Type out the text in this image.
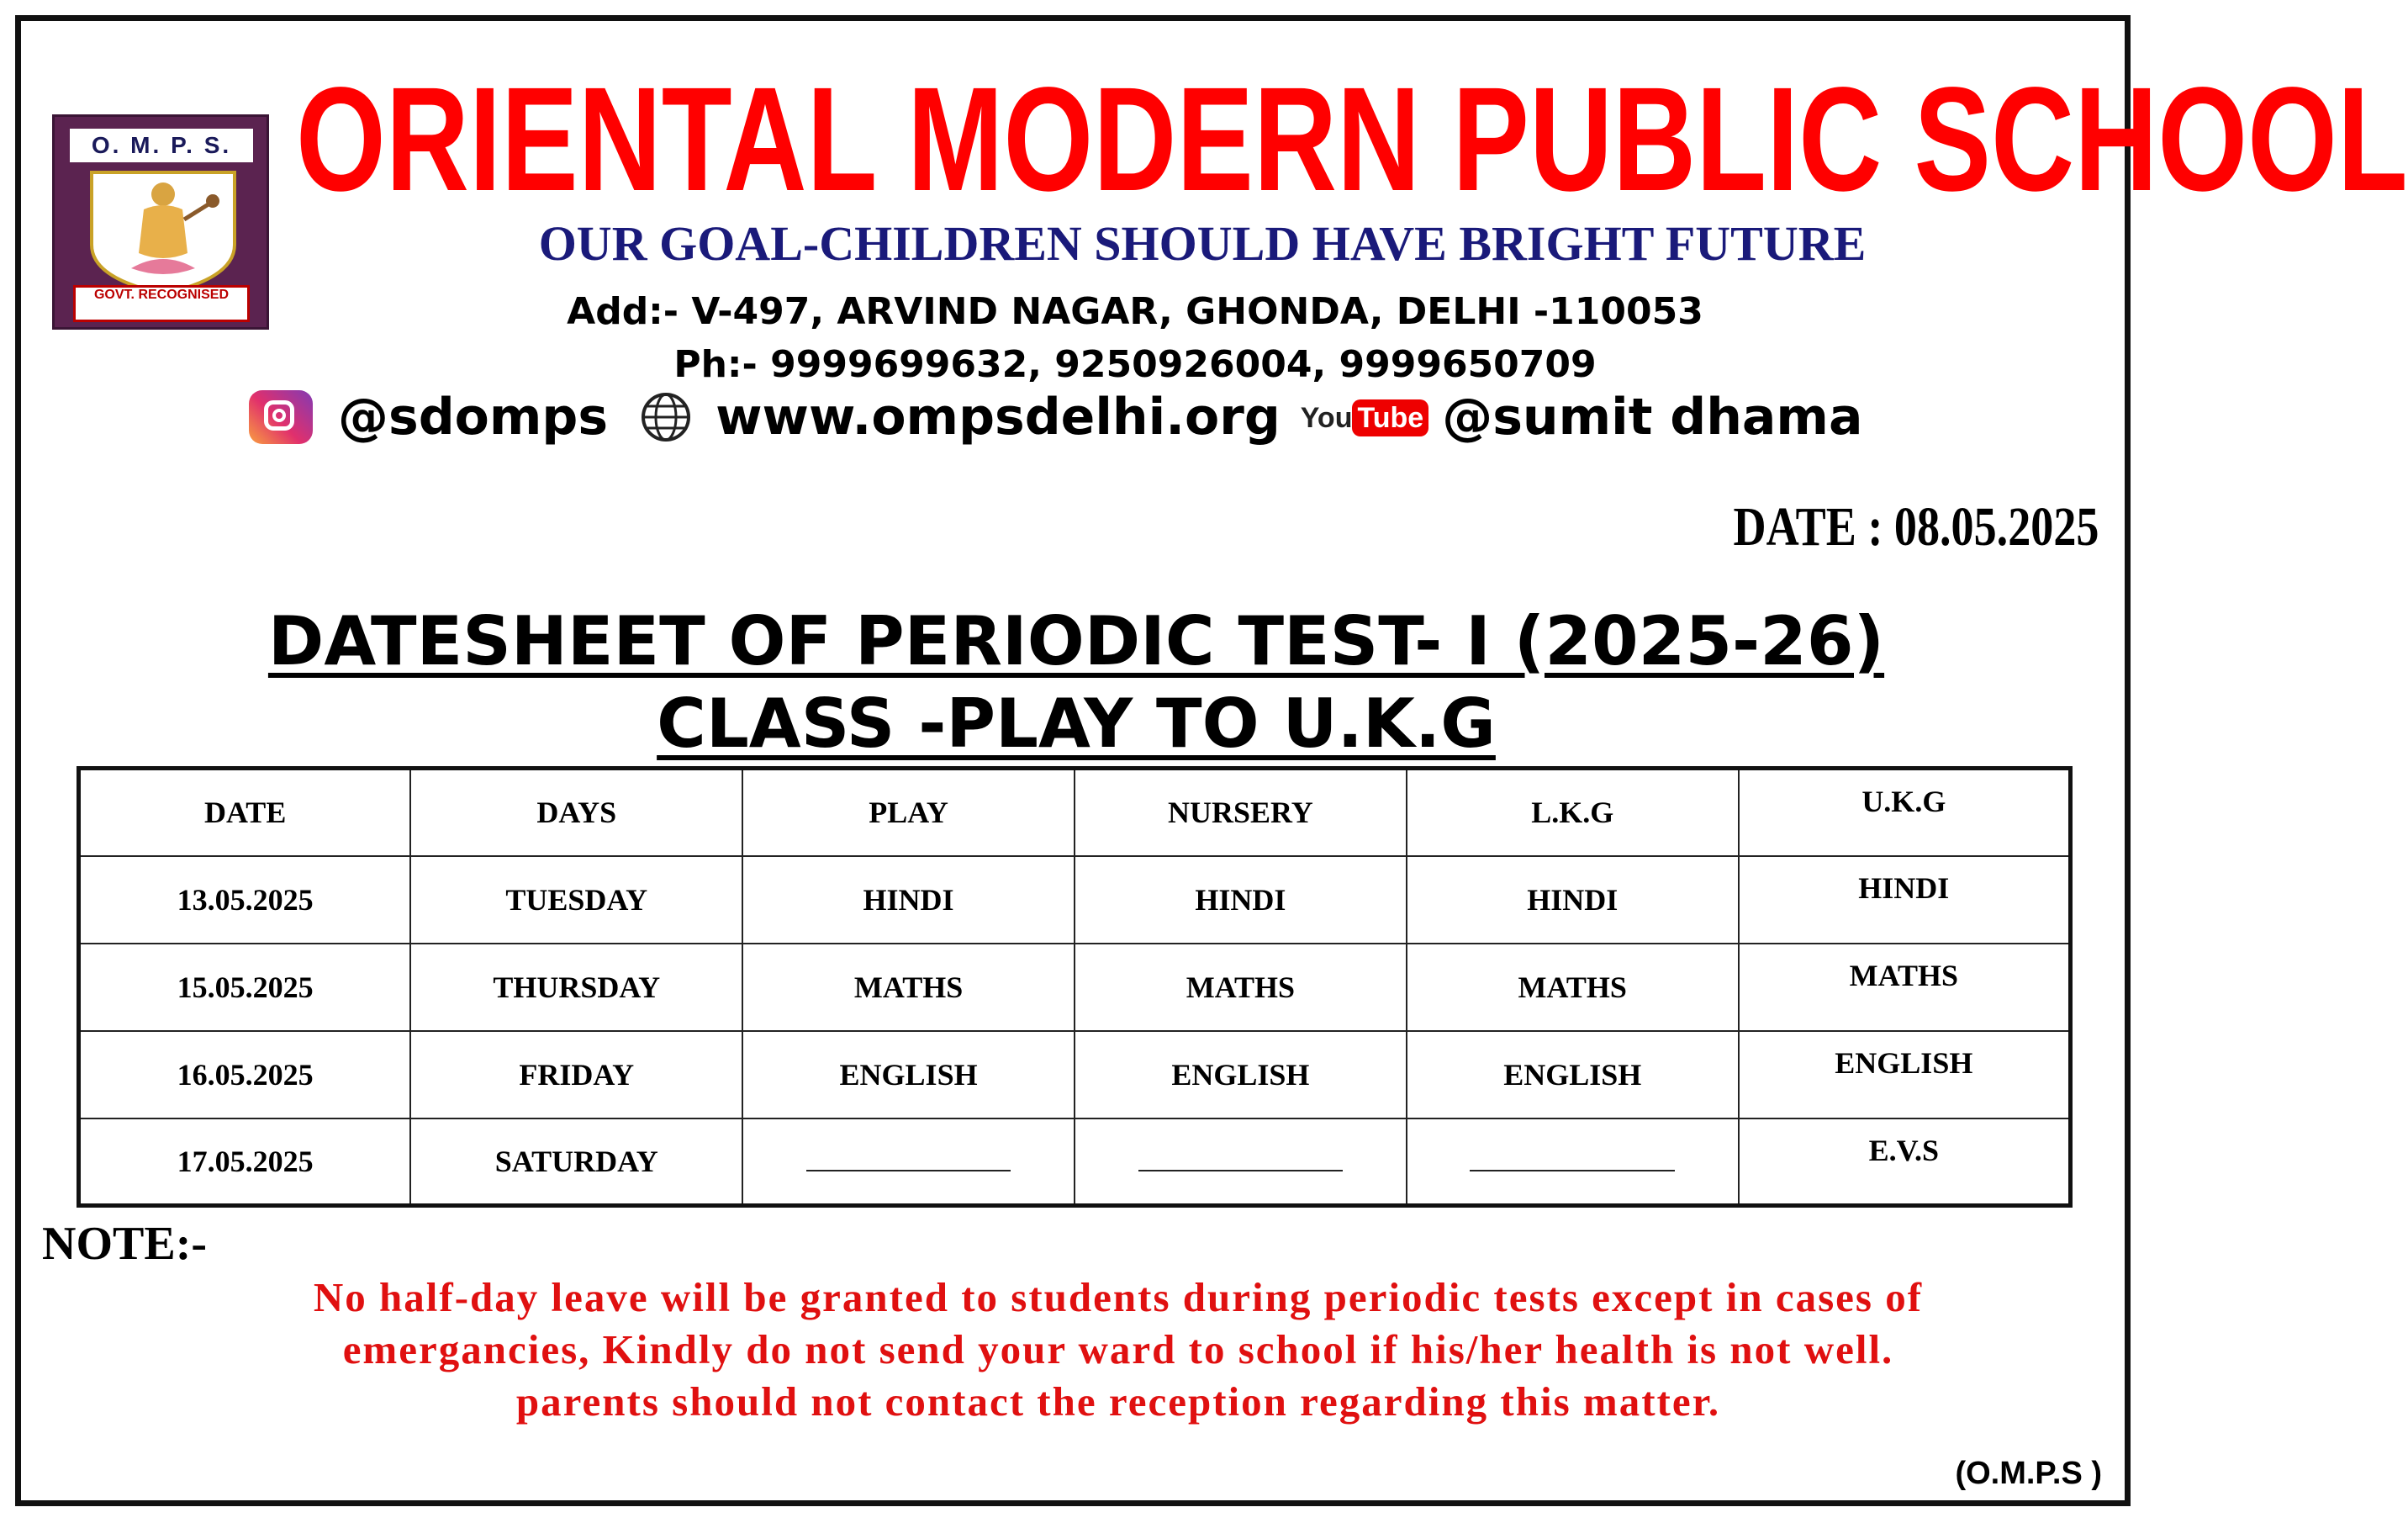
O. M. P. S.
GOVT. RECOGNISED
ORIENTAL MODERN PUBLIC SCHOOL
OUR GOAL-CHILDREN SHOULD HAVE BRIGHT FUTURE
Add:- V-497, ARVIND NAGAR, GHONDA, DELHI -110053
Ph:- 9999699632, 9250926004, 9999650709
@sdomps www.ompsdelhi.org You Tube @sumit dhama
DATE : 08.05.2025
DATESHEET OF PERIODIC TEST- I (2025-26)
CLASS -PLAY TO U.K.G
DATE	DAYS	PLAY	NURSERY	L.K.G	U.K.G
13.05.2025	TUESDAY	HINDI	HINDI	HINDI	HINDI
15.05.2025	THURSDAY	MATHS	MATHS	MATHS	MATHS
16.05.2025	FRIDAY	ENGLISH	ENGLISH	ENGLISH	ENGLISH
17.05.2025	SATURDAY				E.V.S
NOTE:-
No half-day leave will be granted to students during periodic tests except in cases of
emergancies, Kindly do not send your ward to school if his/her health is not well.
parents should not contact the reception regarding this matter.
(O.M.P.S )
